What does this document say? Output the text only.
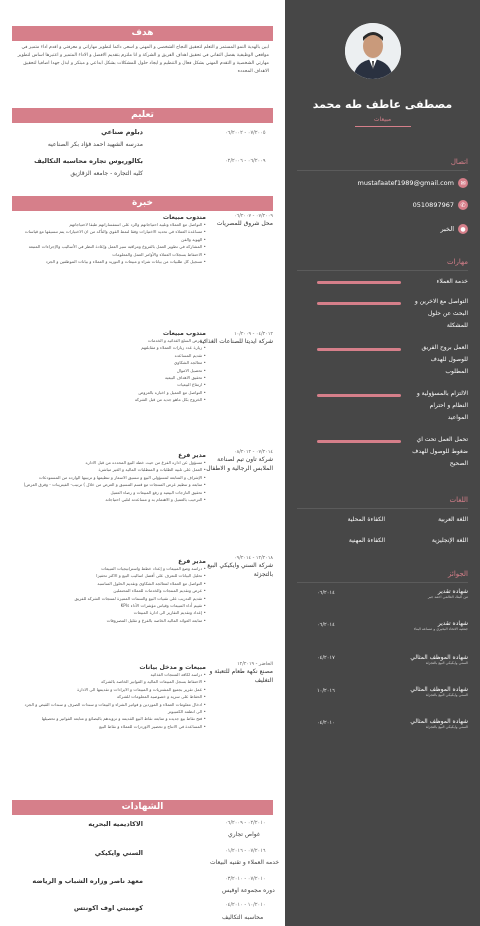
هدف
ابين بالهدية النمو المستمر و التعلم لتحقيق النجاح الشخصي و المهني و اسعى دائما لتطوير مهاراتي و معرفتي و اقدم اداء متميز في مواقعي الوظيفية بفضل التفاني في تحقيق اهداف الفريق و الشركة و انا ملتزم بتقديم الافضل و الاداء المتميز و اعتبرها اساس لتطوير مهارتي الشخصية و التقدم المهني بشكل فعال و التنظيم و ايجاد حلول للمشكلات بشكل ابداعي و مبتكر و ابذل جهدا اضافيا لتحقيق الاهداف المحدده
تعليم
٠٧/٢٠٠٥ - ٠٦/٢٠٠٢
دبلوم صناعي
مدرسه الشهيد احمد فؤاد بكر الصناعيه
٠٦/٢٠٠٩ - ٠٢/٢٠٠٦
بكالوريوس تجاره محاسبه التكاليف
كليه التجاره - جامعه الزقازيق
خبرة
٠٧/٢٠٠٩ - ٠٦/٢٠٠٧
محل شروق للمصريات
مندوب مبيعات
• التواصل مع العملاء وتلبية احتياجاتهم والرد على استفساراتهم طبقا لاحتياجاتهم
• مساعدة العملاء في تحديد الاختيارات وفقا لنمط القوي والتأكد من ان الاختيارات يتم تنسيقها مع قياسات
• الهوية والفن
• المشاركة في تطوير العمل بالفروع ومراقبة سير العمل وإعادة النظر في الأساليب والإجراءات المتبعة
• الاحتفاظ بسجلات العملاء والأوامر العمل والمعلومات
• تسجيل كل طلبيات من بيانات شراء و مبيعات و التوريد و العملاء و بيانات الموظفين و الجرد
٠٤/٢٠١٢ - ١٠/٢٠٠٩
شركة ايديتا للصناعات الغذائية
مندوب مبيعات
• عرض السلع الغذائيه و الخدمات
• زيارة عدد زيارات العملاء و مقابلتهم
• تقديم المساعده
• معالجه الشكاوي
• تحصيل الاموال
• تحقيق الاهداف البيعيه
• ارتفاع البيعيات
• التواصل مع العميل و اخباره بالعروض
• الخروج بكل ماهو جديد من قبل الشركة
٠٧/٢٠١٤ - ٠٨/٢٠١٢
شركة تاون تيم لصناعة الملابس الرجالية و الاطفال
مدير فرع
• مسؤول عن اداره الفرع من حيث خطه البيع المحدده من قبل الاداره
• العمل على تلبية الطلبات و المتطلبات المالية و الغير مباشرة
• الإشراف و المتابعة لمسؤولي البيع و تنسيق الاسعار و تنظيمها و ترتيبها الوارده من المستودعات
• متابعه و تنظيم عرض المنتجات مع قسم التنسيق و العرض من خلال ) ترتيب- الفيترينات - وفرق العرض(
• تحقيق التارجات البيعية و رفع المبيعات و رضاء العميل
• الترحيب بالعميل و الاهتمام به و مساعدته لتلبي احتياجاته
١٢/٢٠١٨ - ٠٩/٢٠١٤
شركة السني وايكيكي البيع بالتجزئة
مدير فرع
• دراسة وضع المبيعات و إعداد خطط واستراتيجيات المبيعات
• تحليل البيانات للتعرف على أفضل اساليب البيع و الاكثر تحفيزا
• التواصل مع العملاء لمعالجة الشكاوى وتقديم الحلول المناسبة
• عرض وتقديم المنتجات والخدمات للعملاء المحتملين
• تقديم التدريب على تقنيات البيع والسمات المميزة لمنتجات الشركة للفريق
• تقييم أداء المبيعات وقياس مؤشرات الأداء KPIs
• إعداد وتقديم التقارير الى ادارة المبيعات
• متابعه العوائد الماليه الخاصه بالفرع و تقليل المصروفات
الحاضر - ١٢/٢٠١٩
مصنع نكهة طعام للتعبئة و التغليف
مبيعات و مدخل بيانات
• دراسه لكافه المنتجات الغذائية
• الاحتفاظ بسجل المبيعات الماليه و الفواتير الخاصه بالشركة
• عمل تقرير بجميع المشتريات و المبيعات و الايرادات و تقديمها الى الادارة
• الحفاظ على سرية و خصوصية المعلومات للشركة
• ادخال معلومات العملاء و الموردين و فواتير الشراء و البيعات و سندات الصرف و سندات القبض و الجرد
• الى انظمه الكمبيوتر
• فتح نقاط بيع جديده و متابعه نقاط البيع القديمه و تزويدهم بالبضائع و متابعة الفواتير و تحصيلها
• المساعدة في الانتاج و تحضير الاوردرات للعملاء و نقاط البيع
الشهادات
٠٢/٢٠١٠ - ٠٦/٢٠٠٩
الاكاديميه البحريه
غواص تجاري
٠٧/٢٠١٦ - ٠١/٢٠١٦
السني وايكيكي
خدمه العملاء و تقنيه البيعات
٠٧/٢٠١٠ - ٠٣/٢٠١٠
معهد ناصر وزاره الشباب و الرياضه
دوره مجموعة اوفيس
١٠/٢٠١٠ - ٠٤/٢٠١٠
كومبيتي اوف اكونتس
محاسبه التكاليف
مصطفى عاطف طه محمد
مبيعات
اتصال
mustafaatef1989@gmail.com	✉
0510897967	✆
الخبر	●
مهارات
خدمة العملاء
التواصل مع الاخرين و البحث عن حلول للمشكلة
العمل بروح الفريق للوصول للهدف المطلوب
الالتزام بالمسؤولية و النظام و احترام المواعيد
تحمل العمل تحت اي ضغوط للوصول للهدف الصحيح
اللغات
اللغة العربية
الكفاءة المحلية
اللغة الإنجليزية
الكفاءة المهنية
الجوائز
٠٦/٢٠١٤	شهاده تقدير
من البنك العالمي احمد جبر
٠٦/٢٠١٤	شهاده تقدير
جمعيه الاتحاد البحيري و مساعه البناء
٠٤/٢٠١٧	شهاده الموظف المثالي
السني وايكيكي البيع بالتجزئة
١٠/٢٠١٦	شهاده الموظف المثالي
السني وايكيكي البيع بالتجزئة
٠٤/٢٠١٠	شهاده الموظف المثالي
السني وايكيكي البيع بالتجزئة
